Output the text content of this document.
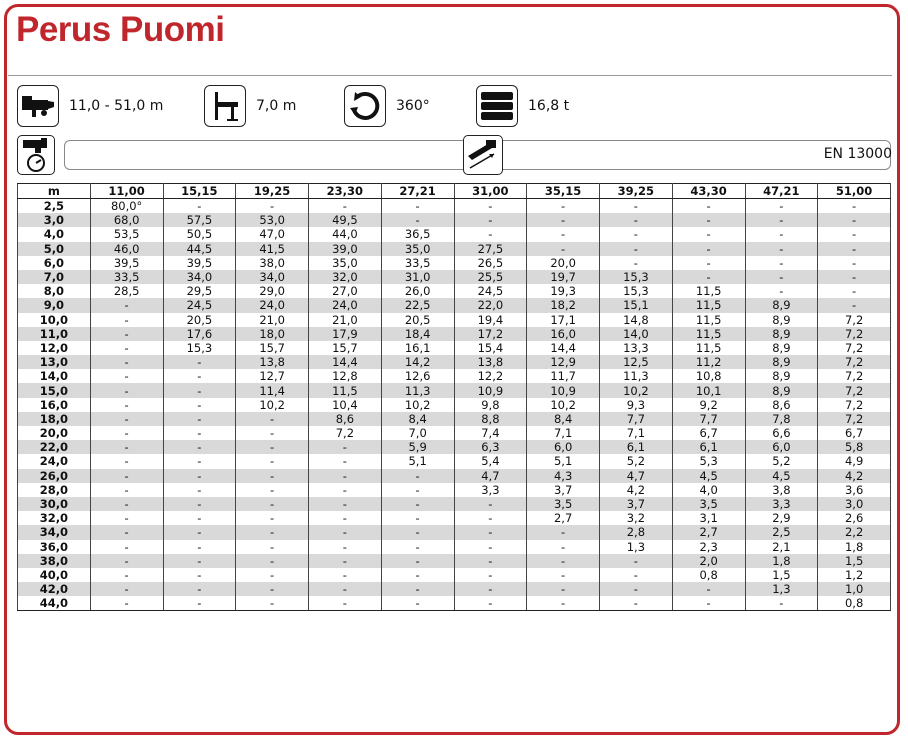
Perus Puomi
11,0 - 51,0 m	7,0 m	360°	16,8 t
EN 13000
m	11,00	15,15	19,25	23,30	27,21	31,00	35,15	39,25	43,30	47,21	51,00
2,5	80,0°	-	-	-	-	-	-	-	-	-	-
3,0	68,0	57,5	53,0	49,5	-	-	-	-	-	-	-
4,0	53,5	50,5	47,0	44,0	36,5	-	-	-	-	-	-
5,0	46,0	44,5	41,5	39,0	35,0	27,5	-	-	-	-	-
6,0	39,5	39,5	38,0	35,0	33,5	26,5	20,0	-	-	-	-
7,0	33,5	34,0	34,0	32,0	31,0	25,5	19,7	15,3	-	-	-
8,0	28,5	29,5	29,0	27,0	26,0	24,5	19,3	15,3	11,5	-	-
9,0	-	24,5	24,0	24,0	22,5	22,0	18,2	15,1	11,5	8,9	-
10,0	-	20,5	21,0	21,0	20,5	19,4	17,1	14,8	11,5	8,9	7,2
11,0	-	17,6	18,0	17,9	18,4	17,2	16,0	14,0	11,5	8,9	7,2
12,0	-	15,3	15,7	15,7	16,1	15,4	14,4	13,3	11,5	8,9	7,2
13,0	-	-	13,8	14,4	14,2	13,8	12,9	12,5	11,2	8,9	7,2
14,0	-	-	12,7	12,8	12,6	12,2	11,7	11,3	10,8	8,9	7,2
15,0	-	-	11,4	11,5	11,3	10,9	10,9	10,2	10,1	8,9	7,2
16,0	-	-	10,2	10,4	10,2	9,8	10,2	9,3	9,2	8,6	7,2
18,0	-	-	-	8,6	8,4	8,8	8,4	7,7	7,7	7,8	7,2
20,0	-	-	-	7,2	7,0	7,4	7,1	7,1	6,7	6,6	6,7
22,0	-	-	-	-	5,9	6,3	6,0	6,1	6,1	6,0	5,8
24,0	-	-	-	-	5,1	5,4	5,1	5,2	5,3	5,2	4,9
26,0	-	-	-	-	-	4,7	4,3	4,7	4,5	4,5	4,2
28,0	-	-	-	-	-	3,3	3,7	4,2	4,0	3,8	3,6
30,0	-	-	-	-	-	-	3,5	3,7	3,5	3,3	3,0
32,0	-	-	-	-	-	-	2,7	3,2	3,1	2,9	2,6
34,0	-	-	-	-	-	-	-	2,8	2,7	2,5	2,2
36,0	-	-	-	-	-	-	-	1,3	2,3	2,1	1,8
38,0	-	-	-	-	-	-	-	-	2,0	1,8	1,5
40,0	-	-	-	-	-	-	-	-	0,8	1,5	1,2
42,0	-	-	-	-	-	-	-	-	-	1,3	1,0
44,0	-	-	-	-	-	-	-	-	-	-	0,8
